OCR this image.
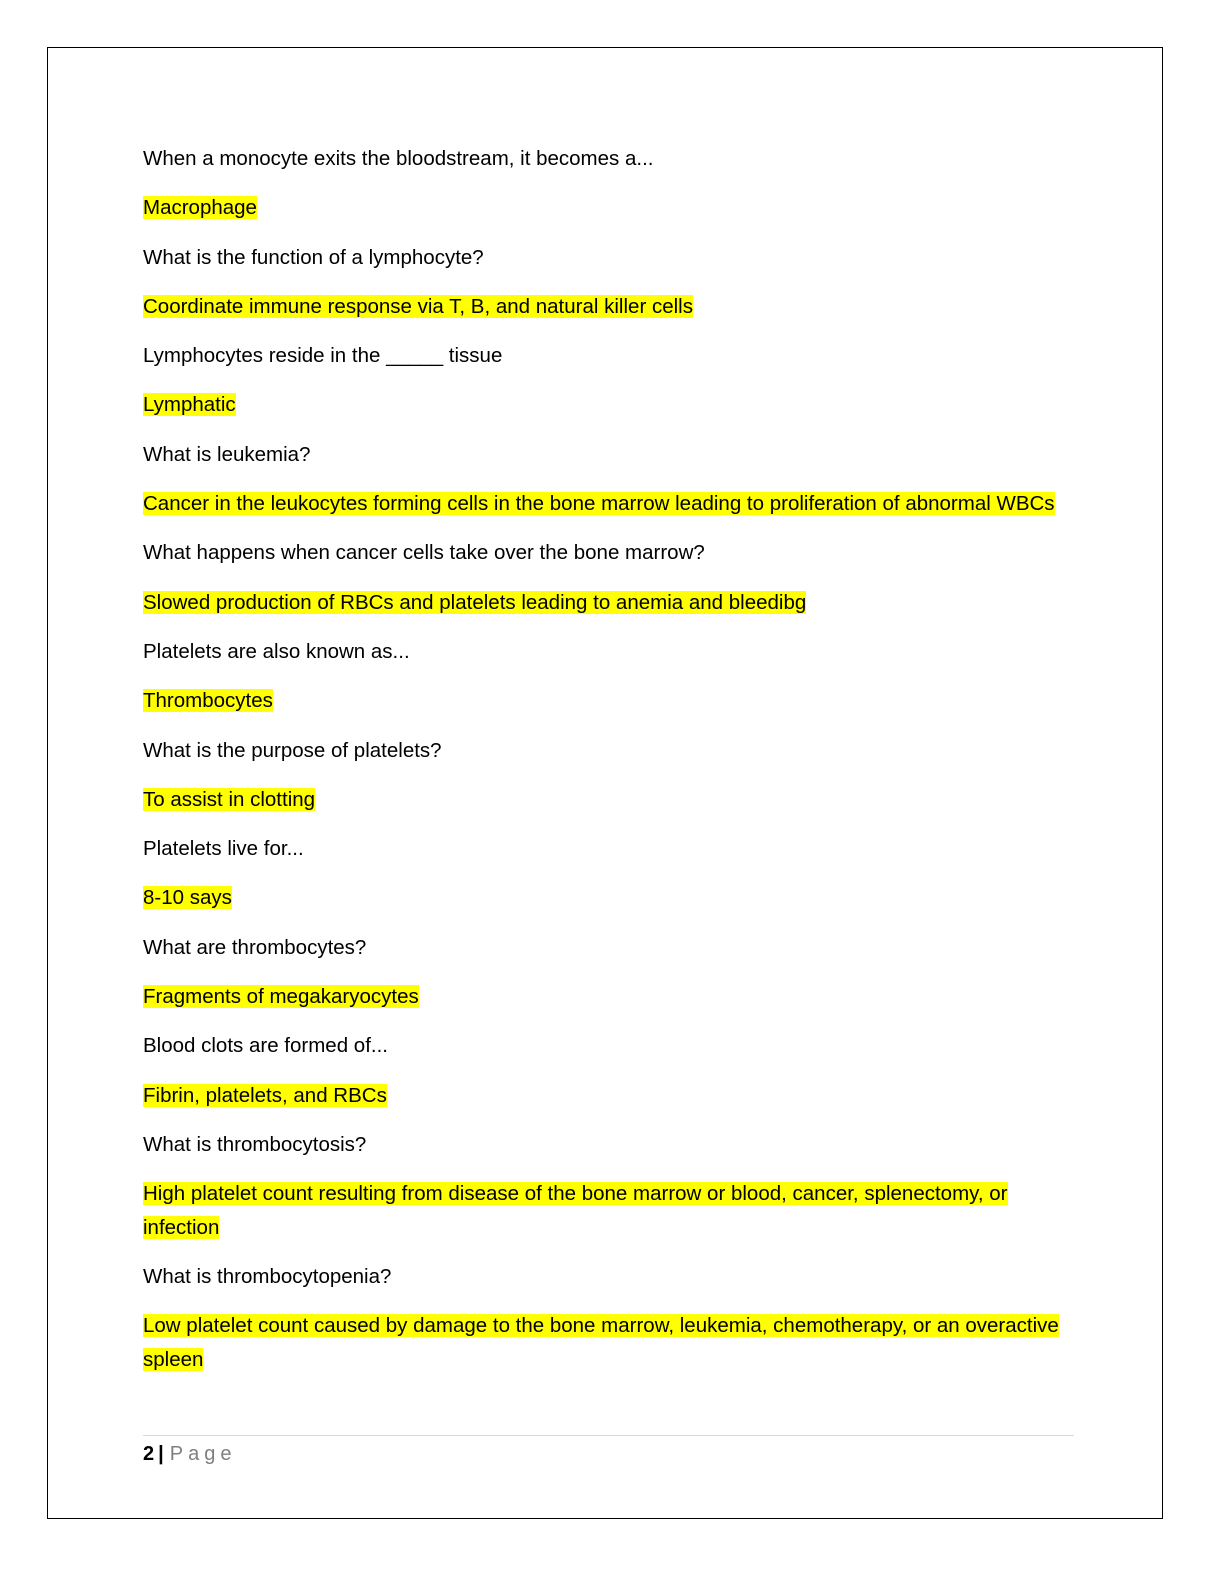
When a monocyte exits the bloodstream, it becomes a...

Macrophage

What is the function of a lymphocyte?

Coordinate immune response via T, B, and natural killer cells

Lymphocytes reside in the _____ tissue

Lymphatic

What is leukemia?

Cancer in the leukocytes forming cells in the bone marrow leading to proliferation of abnormal WBCs

What happens when cancer cells take over the bone marrow?

Slowed production of RBCs and platelets leading to anemia and bleedibg

Platelets are also known as...

Thrombocytes

What is the purpose of platelets?

To assist in clotting

Platelets live for...

8-10 says

What are thrombocytes?

Fragments of megakaryocytes

Blood clots are formed of...

Fibrin, platelets, and RBCs

What is thrombocytosis?

High platelet count resulting from disease of the bone marrow or blood, cancer, splenectomy, or infection

What is thrombocytopenia?

Low platelet count caused by damage to the bone marrow, leukemia, chemotherapy, or an overactive spleen

2 | Page
